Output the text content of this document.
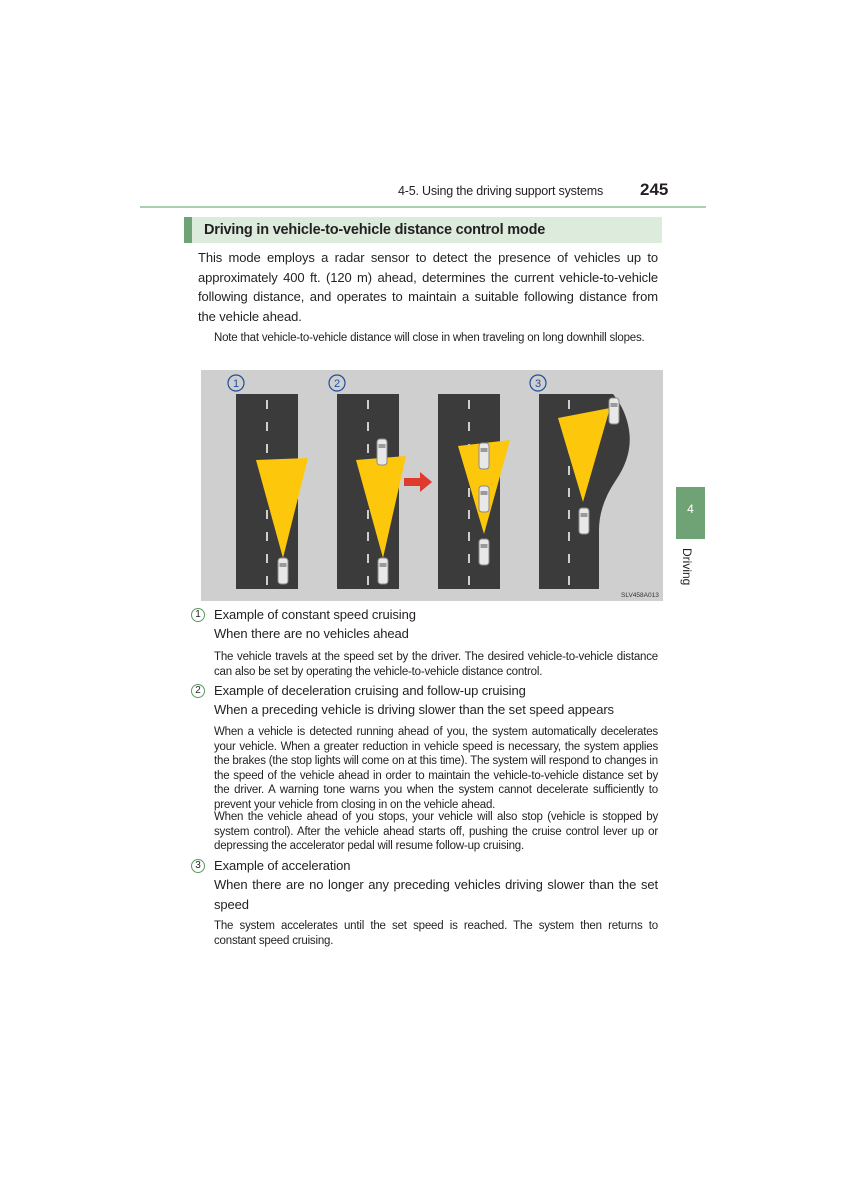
4-5. Using the driving support systems 245
Driving in vehicle-to-vehicle distance control mode
This mode employs a radar sensor to detect the presence of vehicles up to approximately 400 ft. (120 m) ahead, determines the current vehicle-to-vehicle following distance, and operates to maintain a suitable following distance from the vehicle ahead.
Note that vehicle-to-vehicle distance will close in when traveling on long downhill slopes.
1	2	3
SLV458A013
1	Example of constant speed cruising
When there are no vehicles ahead
The vehicle travels at the speed set by the driver. The desired vehicle-to-vehicle distance can also be set by operating the vehicle-to-vehicle distance control.
2	Example of deceleration cruising and follow-up cruising
When a preceding vehicle is driving slower than the set speed appears
When a vehicle is detected running ahead of you, the system automatically decelerates your vehicle. When a greater reduction in vehicle speed is necessary, the system applies the brakes (the stop lights will come on at this time). The system will respond to changes in the speed of the vehicle ahead in order to maintain the vehicle-to-vehicle distance set by the driver. A warning tone warns you when the system cannot decelerate sufficiently to prevent your vehicle from closing in on the vehicle ahead.
When the vehicle ahead of you stops, your vehicle will also stop (vehicle is stopped by system control). After the vehicle ahead starts off, pushing the cruise control lever up or depressing the accelerator pedal will resume follow-up cruising.
3	Example of acceleration
When there are no longer any preceding vehicles driving slower than the set speed
The system accelerates until the set speed is reached. The system then returns to constant speed cruising.
4
Driving
